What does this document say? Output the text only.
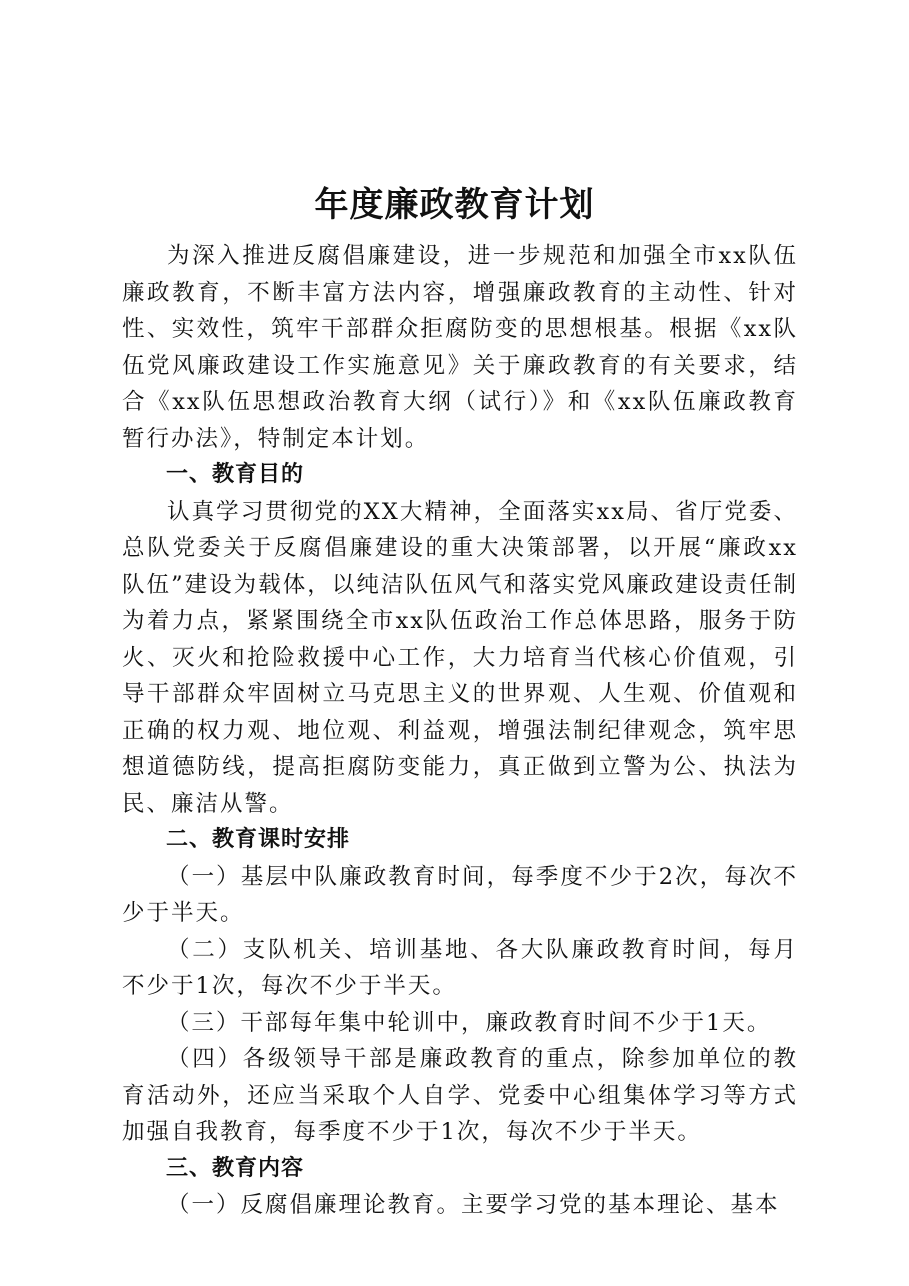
年度廉政教育计划

为深入推进反腐倡廉建设，进一步规范和加强全市xx队伍廉政教育，不断丰富方法内容，增强廉政教育的主动性、针对性、实效性，筑牢干部群众拒腐防变的思想根基。根据《xx队伍党风廉政建设工作实施意见》关于廉政教育的有关要求，结合《xx队伍思想政治教育大纲（试行）》和《xx队伍廉政教育暂行办法》，特制定本计划。

一、教育目的

认真学习贯彻党的XX大精神，全面落实xx局、省厅党委、总队党委关于反腐倡廉建设的重大决策部署，以开展“廉政xx队伍”建设为载体，以纯洁队伍风气和落实党风廉政建设责任制为着力点，紧紧围绕全市xx队伍政治工作总体思路，服务于防火、灭火和抢险救援中心工作，大力培育当代核心价值观，引导干部群众牢固树立马克思主义的世界观、人生观、价值观和正确的权力观、地位观、利益观，增强法制纪律观念，筑牢思想道德防线，提高拒腐防变能力，真正做到立警为公、执法为民、廉洁从警。

二、教育课时安排

（一）基层中队廉政教育时间，每季度不少于2次，每次不少于半天。

（二）支队机关、培训基地、各大队廉政教育时间，每月不少于1次，每次不少于半天。

（三）干部每年集中轮训中，廉政教育时间不少于1天。

（四）各级领导干部是廉政教育的重点，除参加单位的教育活动外，还应当采取个人自学、党委中心组集体学习等方式加强自我教育，每季度不少于1次，每次不少于半天。

三、教育内容

（一）反腐倡廉理论教育。主要学习党的基本理论、基本
